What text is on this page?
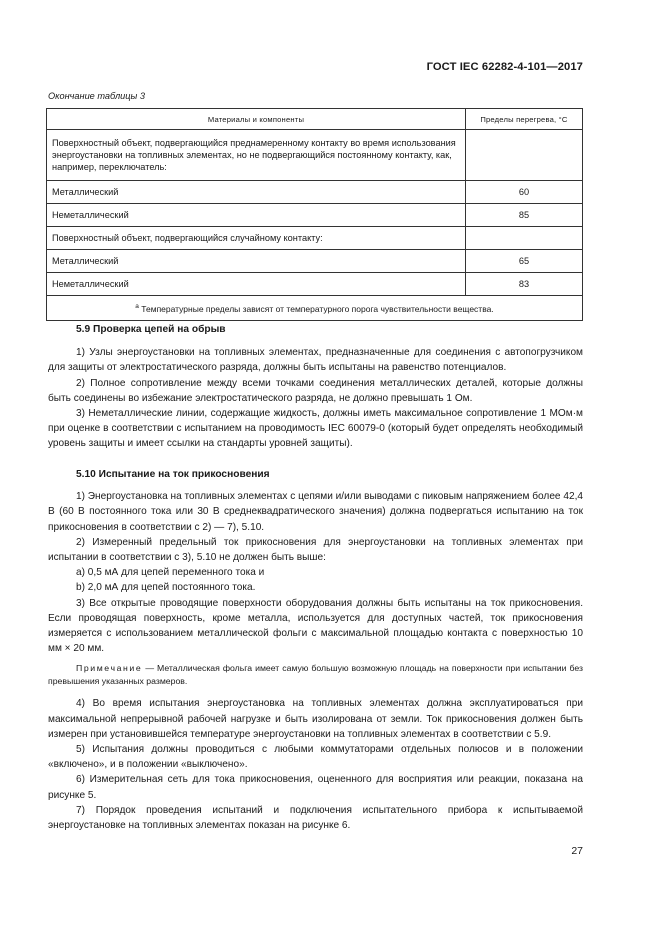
ГОСТ IEC 62282-4-101—2017
Окончание таблицы 3
Материалы и компоненты	Пределы перегрева, °С
Поверхностный объект, подвергающийся преднамеренному контакту во время использования энергоустановки на топливных элементах, но не подвергающийся постоянному контакту, как, например, переключатель:	
Металлический	60
Неметаллический	85
Поверхностный объект, подвергающийся случайному контакту:	
Металлический	65
Неметаллический	83
$^а$ Температурные пределы зависят от температурного порога чувствительности вещества.	
5.9 Проверка цепей на обрыв

1) Узлы энергоустановки на топливных элементах, предназначенные для соединения с автопогрузчиком для защиты от электростатического разряда, должны быть испытаны на равенство потенциалов.

2) Полное сопротивление между всеми точками соединения металлических деталей, которые должны быть соединены во избежание электростатического разряда, не должно превышать 1 Ом.

3) Неметаллические линии, содержащие жидкость, должны иметь максимальное сопротивление 1 МОм·м при оценке в соответствии с испытанием на проводимость IEC 60079-0 (который будет определять необходимый уровень защиты и имеет ссылки на стандарты уровней защиты).

5.10 Испытание на ток прикосновения

1) Энергоустановка на топливных элементах с цепями и/или выводами с пиковым напряжением более 42,4 В (60 В постоянного тока или 30 В среднеквадратического значения) должна подвергаться испытанию на ток прикосновения в соответствии с 2) — 7), 5.10.

2) Измеренный предельный ток прикосновения для энергоустановки на топливных элементах при испытании в соответствии с 3), 5.10 не должен быть выше:

a) 0,5 мА для цепей переменного тока и

b) 2,0 мА для цепей постоянного тока.

3) Все открытые проводящие поверхности оборудования должны быть испытаны на ток прикосновения. Если проводящая поверхность, кроме металла, используется для доступных частей, ток прикосновения измеряется с использованием металлической фольги с максимальной площадью контакта с поверхностью 10 мм × 20 мм.

Примечание — Металлическая фольга имеет самую большую возможную площадь на поверхности при испытании без превышения указанных размеров.

4) Во время испытания энергоустановка на топливных элементах должна эксплуатироваться при максимальной непрерывной рабочей нагрузке и быть изолирована от земли. Ток прикосновения должен быть измерен при установившейся температуре энергоустановки на топливных элементах в соответствии с 5.9.

5) Испытания должны проводиться с любыми коммутаторами отдельных полюсов и в положении «включено», и в положении «выключено».

6) Измерительная сеть для тока прикосновения, оцененного для восприятия или реакции, показана на рисунке 5.

7) Порядок проведения испытаний и подключения испытательного прибора к испытываемой энергоустановке на топливных элементах показан на рисунке 6.

27
